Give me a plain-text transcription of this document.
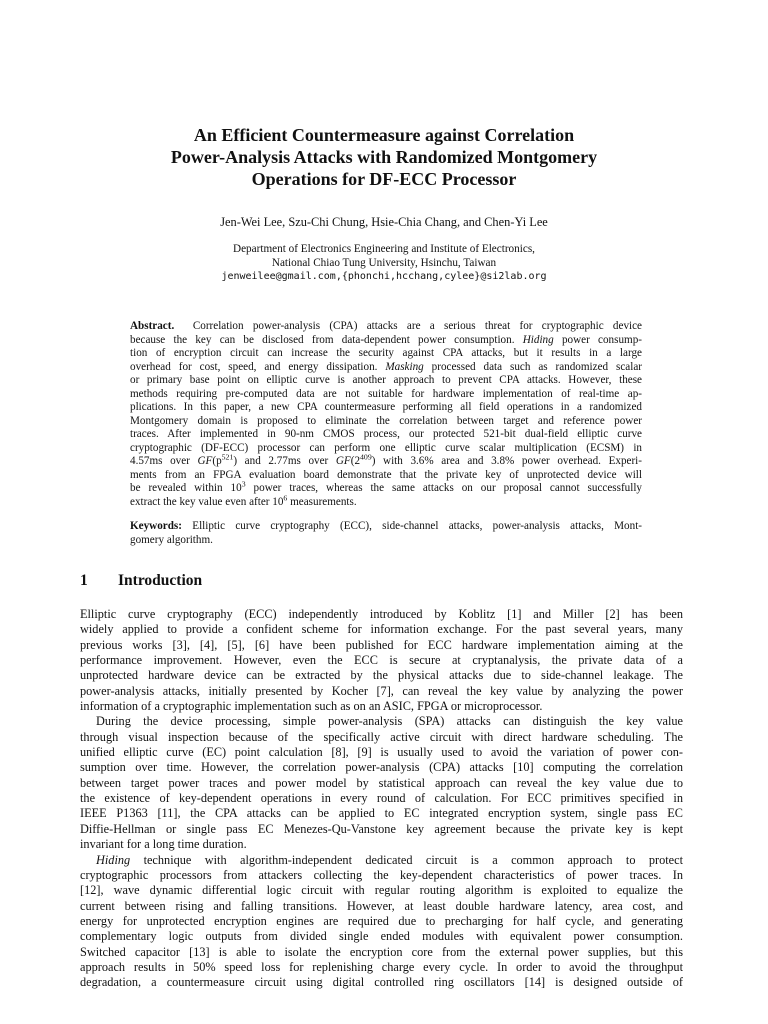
An Efficient Countermeasure against Correlation
Power-Analysis Attacks with Randomized Montgomery
Operations for DF-ECC Processor
Jen-Wei Lee, Szu-Chi Chung, Hsie-Chia Chang, and Chen-Yi Lee
Department of Electronics Engineering and Institute of Electronics,
National Chiao Tung University, Hsinchu, Taiwan
jenweilee@gmail.com,{phonchi,hcchang,cylee}@si2lab.org
Abstract. Correlation power-analysis (CPA) attacks are a serious threat for cryptographic device
because the key can be disclosed from data-dependent power consumption. Hiding power consump-
tion of encryption circuit can increase the security against CPA attacks, but it results in a large
overhead for cost, speed, and energy dissipation. Masking processed data such as randomized scalar
or primary base point on elliptic curve is another approach to prevent CPA attacks. However, these
methods requiring pre-computed data are not suitable for hardware implementation of real-time ap-
plications. In this paper, a new CPA countermeasure performing all field operations in a randomized
Montgomery domain is proposed to eliminate the correlation between target and reference power
traces. After implemented in 90-nm CMOS process, our protected 521-bit dual-field elliptic curve
cryptographic (DF-ECC) processor can perform one elliptic curve scalar multiplication (ECSM) in
4.57ms over $GF(p^{521})$ and 2.77ms over $GF(2^{409})$ with 3.6% area and 3.8% power overhead. Experi-
ments from an FPGA evaluation board demonstrate that the private key of unprotected device will
be revealed within $10^3$ power traces, whereas the same attacks on our proposal cannot successfully
extract the key value even after $10^6$ measurements.
Keywords: Elliptic curve cryptography (ECC), side-channel attacks, power-analysis attacks, Mont-
gomery algorithm.
1 Introduction
Elliptic curve cryptography (ECC) independently introduced by Koblitz [1] and Miller [2] has been
widely applied to provide a confident scheme for information exchange. For the past several years, many
previous works [3], [4], [5], [6] have been published for ECC hardware implementation aiming at the
performance improvement. However, even the ECC is secure at cryptanalysis, the private data of a
unprotected hardware device can be extracted by the physical attacks due to side-channel leakage. The
power-analysis attacks, initially presented by Kocher [7], can reveal the key value by analyzing the power
information of a cryptographic implementation such as on an ASIC, FPGA or microprocessor.
During the device processing, simple power-analysis (SPA) attacks can distinguish the key value
through visual inspection because of the specifically active circuit with direct hardware scheduling. The
unified elliptic curve (EC) point calculation [8], [9] is usually used to avoid the variation of power con-
sumption over time. However, the correlation power-analysis (CPA) attacks [10] computing the correlation
between target power traces and power model by statistical approach can reveal the key value due to
the existence of key-dependent operations in every round of calculation. For ECC primitives specified in
IEEE P1363 [11], the CPA attacks can be applied to EC integrated encryption system, single pass EC
Diffie-Hellman or single pass EC Menezes-Qu-Vanstone key agreement because the private key is kept
invariant for a long time duration.
Hiding technique with algorithm-independent dedicated circuit is a common approach to protect
cryptographic processors from attackers collecting the key-dependent characteristics of power traces. In
[12], wave dynamic differential logic circuit with regular routing algorithm is exploited to equalize the
current between rising and falling transitions. However, at least double hardware latency, area cost, and
energy for unprotected encryption engines are required due to precharging for half cycle, and generating
complementary logic outputs from divided single ended modules with equivalent power consumption.
Switched capacitor [13] is able to isolate the encryption core from the external power supplies, but this
approach results in 50% speed loss for replenishing charge every cycle. In order to avoid the throughput
degradation, a countermeasure circuit using digital controlled ring oscillators [14] is designed outside of
